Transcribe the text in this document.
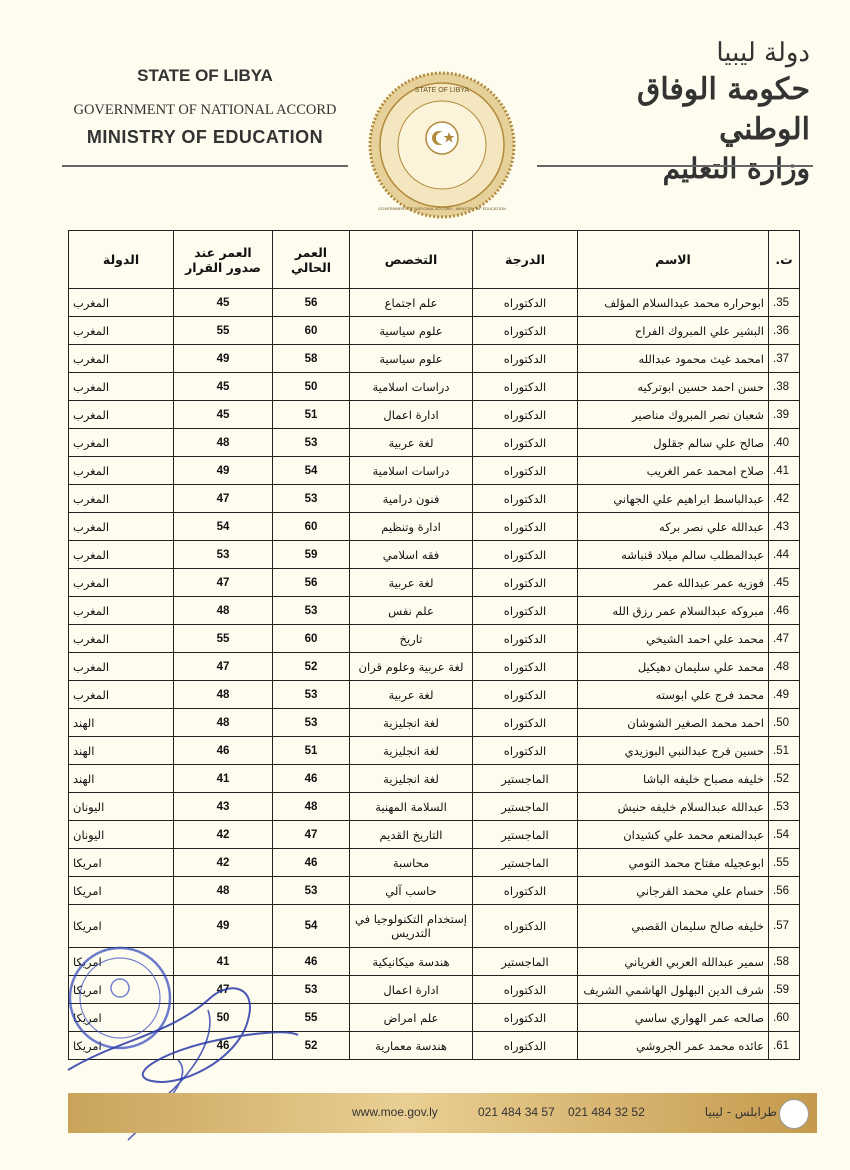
STATE OF LIBYA
GOVERNMENT OF NATIONAL ACCORD
MINISTRY OF EDUCATION
STATE OF LIBYA
GOVERNMENT OF NATIONAL ACCORD - MINISTRY OF EDUCATION
دولة ليبيا
حكومة الوفاق الوطني
وزارة التعليم
ت.	الاسم	الدرجة	التخصص	العمر الحالي	العمر عند صدور القرار	الدولة
35.	ابوحراره محمد عبدالسلام المؤلف	الدكتوراه	علم اجتماع	56	45	المغرب
36.	البشير علي المبروك الفراح	الدكتوراه	علوم سياسية	60	55	المغرب
37.	امحمد غيث محمود عبدالله	الدكتوراه	علوم سياسية	58	49	المغرب
38.	حسن احمد حسين ابوتركيه	الدكتوراه	دراسات اسلامية	50	45	المغرب
39.	شعبان نصر المبروك مناصير	الدكتوراه	ادارة اعمال	51	45	المغرب
40.	صالح علي سالم جقلول	الدكتوراه	لغة عربية	53	48	المغرب
41.	صلاح امحمد عمر الغريب	الدكتوراه	دراسات اسلامية	54	49	المغرب
42.	عبدالباسط ابراهيم علي الجهاني	الدكتوراه	فنون درامية	53	47	المغرب
43.	عبدالله علي نصر بركه	الدكتوراه	ادارة وتنظيم	60	54	المغرب
44.	عبدالمطلب سالم ميلاد قنباشه	الدكتوراه	فقه اسلامي	59	53	المغرب
45.	فوزيه عمر عبدالله عمر	الدكتوراه	لغة عربية	56	47	المغرب
46.	مبروكه عبدالسلام عمر رزق الله	الدكتوراه	علم نفس	53	48	المغرب
47.	محمد علي احمد الشيخي	الدكتوراه	تاريخ	60	55	المغرب
48.	محمد علي سليمان دهيكيل	الدكتوراه	لغة عربية وعلوم قران	52	47	المغرب
49.	محمد فرج علي ابوسته	الدكتوراه	لغة عربية	53	48	المغرب
50.	احمد محمد الصغير الشوشان	الدكتوراه	لغة انجليزية	53	48	الهند
51.	حسين فرج عبدالنبي البوزيدي	الدكتوراه	لغة انجليزية	51	46	الهند
52.	خليفه مصباح خليفه الباشا	الماجستير	لغة انجليزية	46	41	الهند
53.	عبدالله عبدالسلام خليفه حنيش	الماجستير	السلامة المهنية	48	43	اليونان
54.	عبدالمنعم محمد علي كشيدان	الماجستير	التاريخ القديم	47	42	اليونان
55.	ابوعجيله مفتاح محمد التومي	الماجستير	محاسبة	46	42	امريكا
56.	حسام علي محمد الفرجاني	الدكتوراه	حاسب آلي	53	48	امريكا
57.	خليفه صالح سليمان القصبي	الدكتوراه	إستخدام التكنولوجيا في التدريس	54	49	امريكا
58.	سمير عبدالله العربي الغرياني	الماجستير	هندسة ميكانيكية	46	41	امريكا
59.	شرف الدين البهلول الهاشمي الشريف	الدكتوراه	ادارة اعمال	53	47	امريكا
60.	صالحه عمر الهواري ساسي	الدكتوراه	علم امراض	55	50	امريكا
61.	عائده محمد عمر الجروشي	الدكتوراه	هندسة معمارية	52	46	امريكا
www.moe.gov.ly	021 484 34 57 021 484 32 52	طرابلس - ليبيا
